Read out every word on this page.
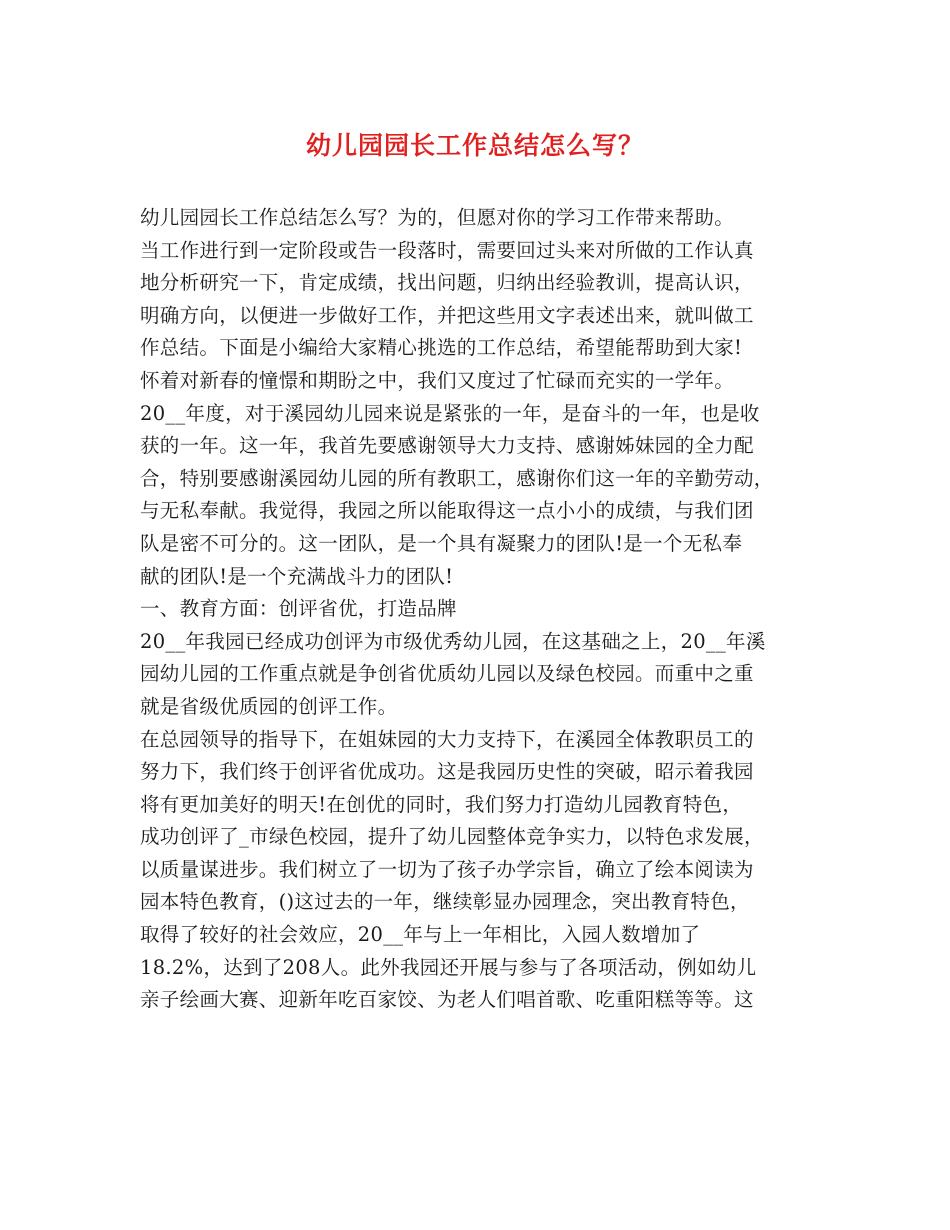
幼儿园园长工作总结怎么写？
幼儿园园长工作总结怎么写？为的，但愿对你的学习工作带来帮助。
当工作进行到一定阶段或告一段落时，需要回过头来对所做的工作认真
地分析研究一下，肯定成绩，找出问题，归纳出经验教训，提高认识，
明确方向，以便进一步做好工作，并把这些用文字表述出来，就叫做工
作总结。下面是小编给大家精心挑选的工作总结，希望能帮助到大家!
怀着对新春的憧憬和期盼之中，我们又度过了忙碌而充实的一学年。
20__年度，对于溪园幼儿园来说是紧张的一年，是奋斗的一年，也是收
获的一年。这一年，我首先要感谢领导大力支持、感谢姊妹园的全力配
合，特别要感谢溪园幼儿园的所有教职工，感谢你们这一年的辛勤劳动，
与无私奉献。我觉得，我园之所以能取得这一点小小的成绩，与我们团
队是密不可分的。这一团队，是一个具有凝聚力的团队!是一个无私奉
献的团队!是一个充满战斗力的团队!
一、教育方面：创评省优，打造品牌
20__年我园已经成功创评为市级优秀幼儿园，在这基础之上，20__年溪
园幼儿园的工作重点就是争创省优质幼儿园以及绿色校园。而重中之重
就是省级优质园的创评工作。
在总园领导的指导下，在姐妹园的大力支持下，在溪园全体教职员工的
努力下，我们终于创评省优成功。这是我园历史性的突破，昭示着我园
将有更加美好的明天!在创优的同时，我们努力打造幼儿园教育特色，
成功创评了_市绿色校园，提升了幼儿园整体竞争实力，以特色求发展，
以质量谋进步。我们树立了一切为了孩子办学宗旨，确立了绘本阅读为
园本特色教育，()这过去的一年，继续彰显办园理念，突出教育特色，
取得了较好的社会效应，20__年与上一年相比，入园人数增加了
18.2%，达到了208人。此外我园还开展与参与了各项活动，例如幼儿
亲子绘画大赛、迎新年吃百家饺、为老人们唱首歌、吃重阳糕等等。这
